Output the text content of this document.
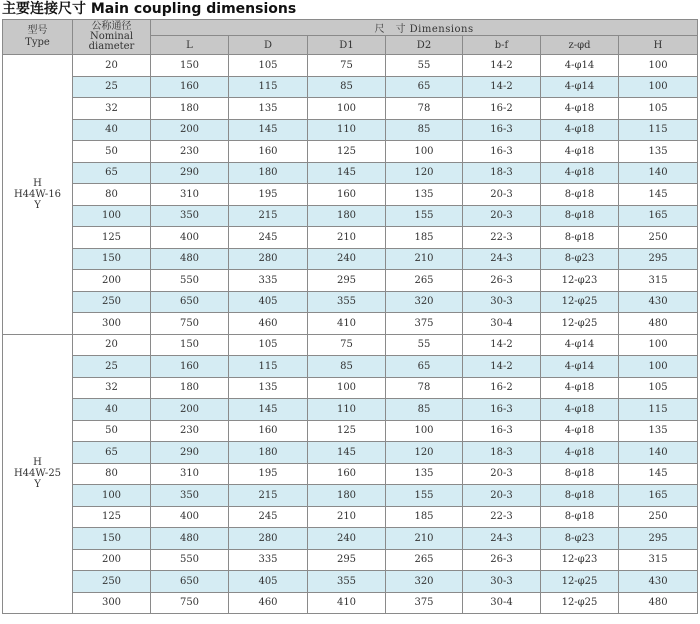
主要连接尺寸 Main coupling dimensions
型号
Type	公称通径
Nominal
diameter	尺　寸 Dimensions						
		L	D	D1	D2	b-f	z-φd	H

H
H44W-16
Y	20	150	105	75	55	14-2	4-φ14	100
	25	160	115	85	65	14-2	4-φ14	100
	32	180	135	100	78	16-2	4-φ18	105
	40	200	145	110	85	16-3	4-φ18	115
	50	230	160	125	100	16-3	4-φ18	135
	65	290	180	145	120	18-3	4-φ18	140
	80	310	195	160	135	20-3	8-φ18	145
	100	350	215	180	155	20-3	8-φ18	165
	125	400	245	210	185	22-3	8-φ18	250
	150	480	280	240	210	24-3	8-φ23	295
	200	550	335	295	265	26-3	12-φ23	315
	250	650	405	355	320	30-3	12-φ25	430
	300	750	460	410	375	30-4	12-φ25	480

H
H44W-25
Y	20	150	105	75	55	14-2	4-φ14	100
	25	160	115	85	65	14-2	4-φ14	100
	32	180	135	100	78	16-2	4-φ18	105
	40	200	145	110	85	16-3	4-φ18	115
	50	230	160	125	100	16-3	4-φ18	135
	65	290	180	145	120	18-3	4-φ18	140
	80	310	195	160	135	20-3	8-φ18	145
	100	350	215	180	155	20-3	8-φ18	165
	125	400	245	210	185	22-3	8-φ18	250
	150	480	280	240	210	24-3	8-φ23	295
	200	550	335	295	265	26-3	12-φ23	315
	250	650	405	355	320	30-3	12-φ25	430
	300	750	460	410	375	30-4	12-φ25	480
